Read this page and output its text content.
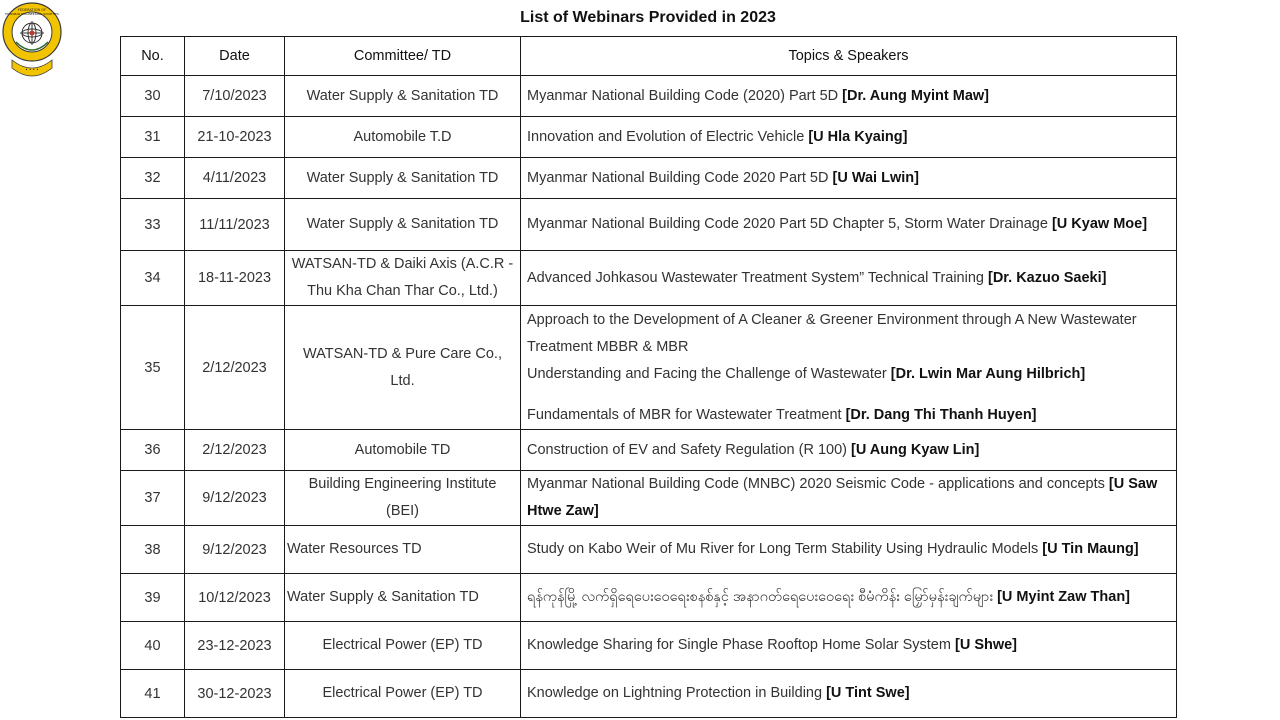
FEDERATION OF
MYANMAR ENGINEERING SOCIETIES
• • • •
List of Webinars Provided in 2023
No.	Date	Committee/ TD	Topics & Speakers
30	7/10/2023	Water Supply & Sanitation TD	Myanmar National Building Code (2020) Part 5D [Dr. Aung Myint Maw]
31	21-10-2023	Automobile T.D	Innovation and Evolution of Electric Vehicle [U Hla Kyaing]
32	4/11/2023	Water Supply & Sanitation TD	Myanmar National Building Code 2020 Part 5D [U Wai Lwin]
33	11/11/2023	Water Supply & Sanitation TD	Myanmar National Building Code 2020 Part 5D Chapter 5, Storm Water Drainage [U Kyaw Moe]
34	18-11-2023	WATSAN-TD & Daiki Axis (A.C.R - Thu Kha Chan Thar Co., Ltd.)	Advanced Johkasou Wastewater Treatment System” Technical Training [Dr. Kazuo Saeki]
35	2/12/2023	WATSAN-TD & Pure Care Co., Ltd.	Approach to the Development of A Cleaner & Greener Environment through A New Wastewater Treatment MBBR & MBR
Understanding and Facing the Challenge of Wastewater [Dr. Lwin Mar Aung Hilbrich]
Fundamentals of MBR for Wastewater Treatment [Dr. Dang Thi Thanh Huyen]

36	2/12/2023	Automobile TD	Construction of EV and Safety Regulation (R 100) [U Aung Kyaw Lin]
37	9/12/2023	Building Engineering Institute (BEI)	Myanmar National Building Code (MNBC) 2020 Seismic Code - applications and concepts [U Saw Htwe Zaw]
38	9/12/2023	Water Resources TD	Study on Kabo Weir of Mu River for Long Term Stability Using Hydraulic Models [U Tin Maung]
39	10/12/2023	Water Supply & Sanitation TD	ရန်ကုန်မြို့ လက်ရှိရေပေးဝေရေးစနစ်နှင့် အနာဂတ်ရေပေးဝေရေး စီမံကိန်း မြှော်မှန်းချက်များ [U Myint Zaw Than]
40	23-12-2023	Electrical Power (EP) TD	Knowledge Sharing for Single Phase Rooftop Home Solar System [U Shwe]
41	30-12-2023	Electrical Power (EP) TD	Knowledge on Lightning Protection in Building [U Tint Swe]
